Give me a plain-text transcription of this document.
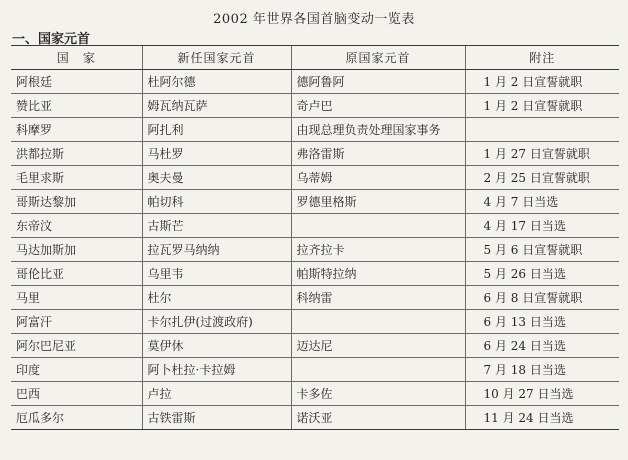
2002 年世界各国首脑变动一览表
一、国家元首
国　家	新任国家元首	原国家元首	附注
阿根廷	杜阿尔德	德阿鲁阿	1 月 2 日宣誓就职
赞比亚	姆瓦纳瓦萨	奇卢巴	1 月 2 日宣誓就职
科摩罗	阿扎利	由现总理负责处理国家事务	
洪都拉斯	马杜罗	弗洛雷斯	1 月 27 日宣誓就职
毛里求斯	奥夫曼	乌蒂姆	2 月 25 日宣誓就职
哥斯达黎加	帕切科	罗德里格斯	4 月 7 日当选
东帝汶	古斯芒		4 月 17 日当选
马达加斯加	拉瓦罗马纳纳	拉齐拉卡	5 月 6 日宣誓就职
哥伦比亚	乌里韦	帕斯特拉纳	5 月 26 日当选
马里	杜尔	科纳雷	6 月 8 日宣誓就职
阿富汗	卡尔扎伊(过渡政府)		6 月 13 日当选
阿尔巴尼亚	莫伊休	迈达尼	6 月 24 日当选
印度	阿卜杜拉·卡拉姆		7 月 18 日当选
巴西	卢拉	卡多佐	10 月 27 日当选
厄瓜多尔	古铁雷斯	诺沃亚	11 月 24 日当选
